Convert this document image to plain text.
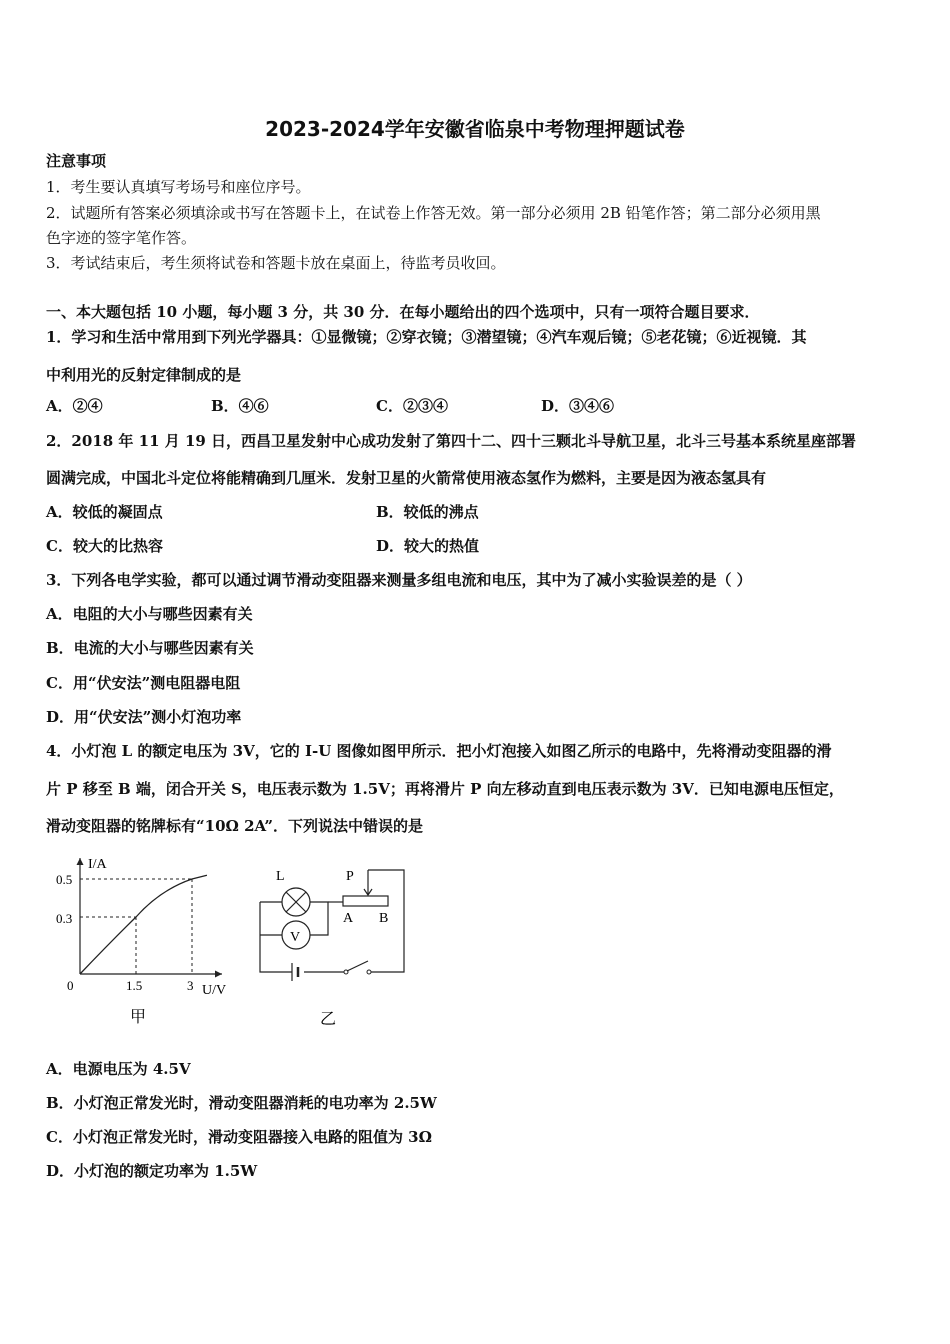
2023-2024学年安徽省临泉中考物理押题试卷
注意事项
1．考生要认真填写考场号和座位序号。
2．试题所有答案必须填涂或书写在答题卡上，在试卷上作答无效。第一部分必须用 2B 铅笔作答；第二部分必须用黑
色字迹的签字笔作答。
3．考试结束后，考生须将试卷和答题卡放在桌面上，待监考员收回。
一、本大题包括 10 小题，每小题 3 分，共 30 分．在每小题给出的四个选项中，只有一项符合题目要求．
1．学习和生活中常用到下列光学器具：①显微镜；②穿衣镜；③潜望镜；④汽车观后镜；⑤老花镜；⑥近视镜．其
中利用光的反射定律制成的是
A．②④	B．④⑥	C．②③④	D．③④⑥
2．2018 年 11 月 19 日，西昌卫星发射中心成功发射了第四十二、四十三颗北斗导航卫星，北斗三号基本系统星座部署
圆满完成，中国北斗定位将能精确到几厘米．发射卫星的火箭常使用液态氢作为燃料，主要是因为液态氢具有
A．较低的凝固点	B．较低的沸点
C．较大的比热容	D．较大的热值
3．下列各电学实验，都可以通过调节滑动变阻器来测量多组电流和电压，其中为了减小实验误差的是（ ）
A．电阻的大小与哪些因素有关
B．电流的大小与哪些因素有关
C．用“伏安法”测电阻器电阻
D．用“伏安法”测小灯泡功率
4．小灯泡 L 的额定电压为 3V，它的 I-U 图像如图甲所示．把小灯泡接入如图乙所示的电路中，先将滑动变阻器的滑
片 P 移至 B 端，闭合开关 S，电压表示数为 1.5V；再将滑片 P 向左移动直到电压表示数为 3V．已知电源电压恒定，
滑动变阻器的铭牌标有“10Ω 2A”．下列说法中错误的是
I/A
U/V
0
0.5
0.3
1.5	3
甲
L
V
P
A B
乙
A．电源电压为 4.5V
B．小灯泡正常发光时，滑动变阻器消耗的电功率为 2.5W
C．小灯泡正常发光时，滑动变阻器接入电路的阻值为 3Ω
D．小灯泡的额定功率为 1.5W
